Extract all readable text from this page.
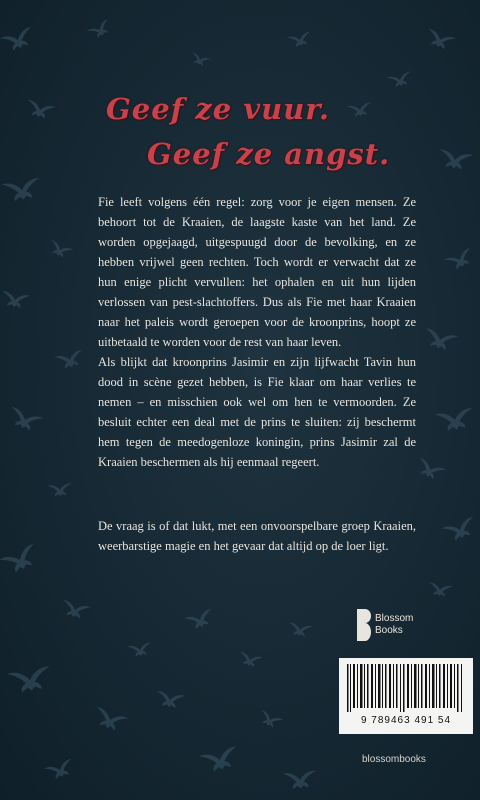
Geef ze vuur.
Geef ze angst.

Fie leeft volgens één regel: zorg voor je eigen mensen. Ze behoort tot de Kraaien, de laagste kaste van het land. Ze worden opgejaagd, uitgespuugd door de bevolking, en ze hebben vrijwel geen rechten. Toch wordt er verwacht dat ze hun enige plicht vervullen: het ophalen en uit hun lijden verlossen van pest-slachtoffers. Dus als Fie met haar Kraaien naar het paleis wordt geroepen voor de kroonprins, hoopt ze uitbetaald te worden voor de rest van haar leven.

Als blijkt dat kroonprins Jasimir en zijn lijfwacht Tavin hun dood in scène gezet hebben, is Fie klaar om haar verlies te nemen – en misschien ook wel om hen te vermoorden. Ze besluit echter een deal met de prins te sluiten: zij beschermt hem tegen de meedogenloze koningin, prins Jasimir zal de Kraaien beschermen als hij eenmaal regeert.

De vraag is of dat lukt, met een onvoorspelbare groep Kraaien, weerbarstige magie en het gevaar dat altijd op de loer ligt.

Blossom
Books
9 789463 491 54
blossombooks
